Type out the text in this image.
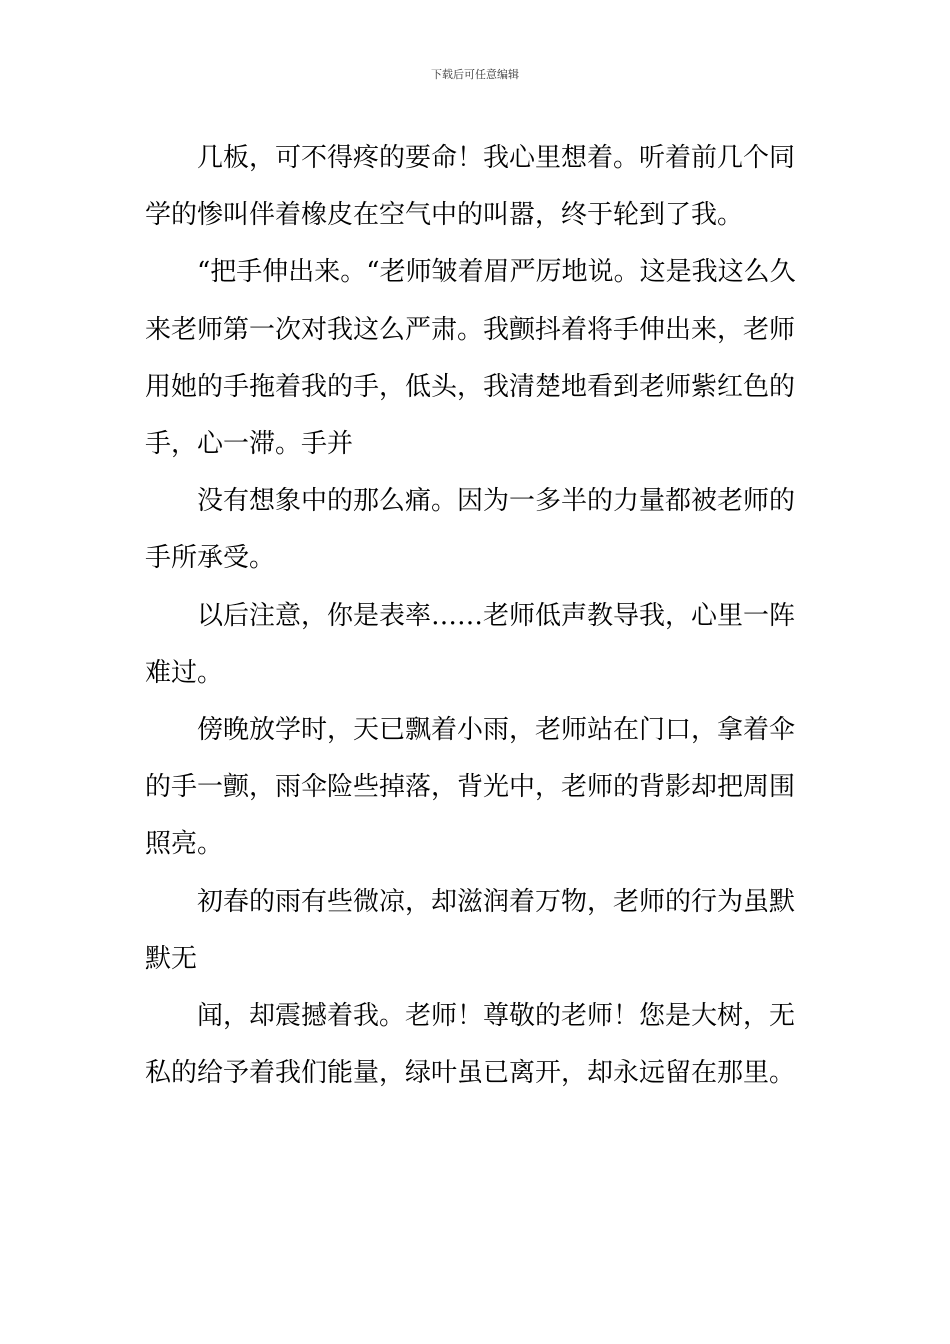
下载后可任意编辑

几板，可不得疼的要命！我心里想着。听着前几个同学的惨叫伴着橡皮在空气中的叫嚣，终于轮到了我。

“把手伸出来。“老师皱着眉严厉地说。这是我这么久来老师第一次对我这么严肃。我颤抖着将手伸出来，老师用她的手拖着我的手，低头，我清楚地看到老师紫红色的手，心一滞。手并

没有想象中的那么痛。因为一多半的力量都被老师的手所承受。

以后注意，你是表率……老师低声教导我，心里一阵难过。

傍晚放学时，天已飘着小雨，老师站在门口，拿着伞的手一颤，雨伞险些掉落，背光中，老师的背影却把周围照亮。

初春的雨有些微凉，却滋润着万物，老师的行为虽默默无

闻，却震撼着我。老师！尊敬的老师！您是大树，无私的给予着我们能量，绿叶虽已离开，却永远留在那里。
